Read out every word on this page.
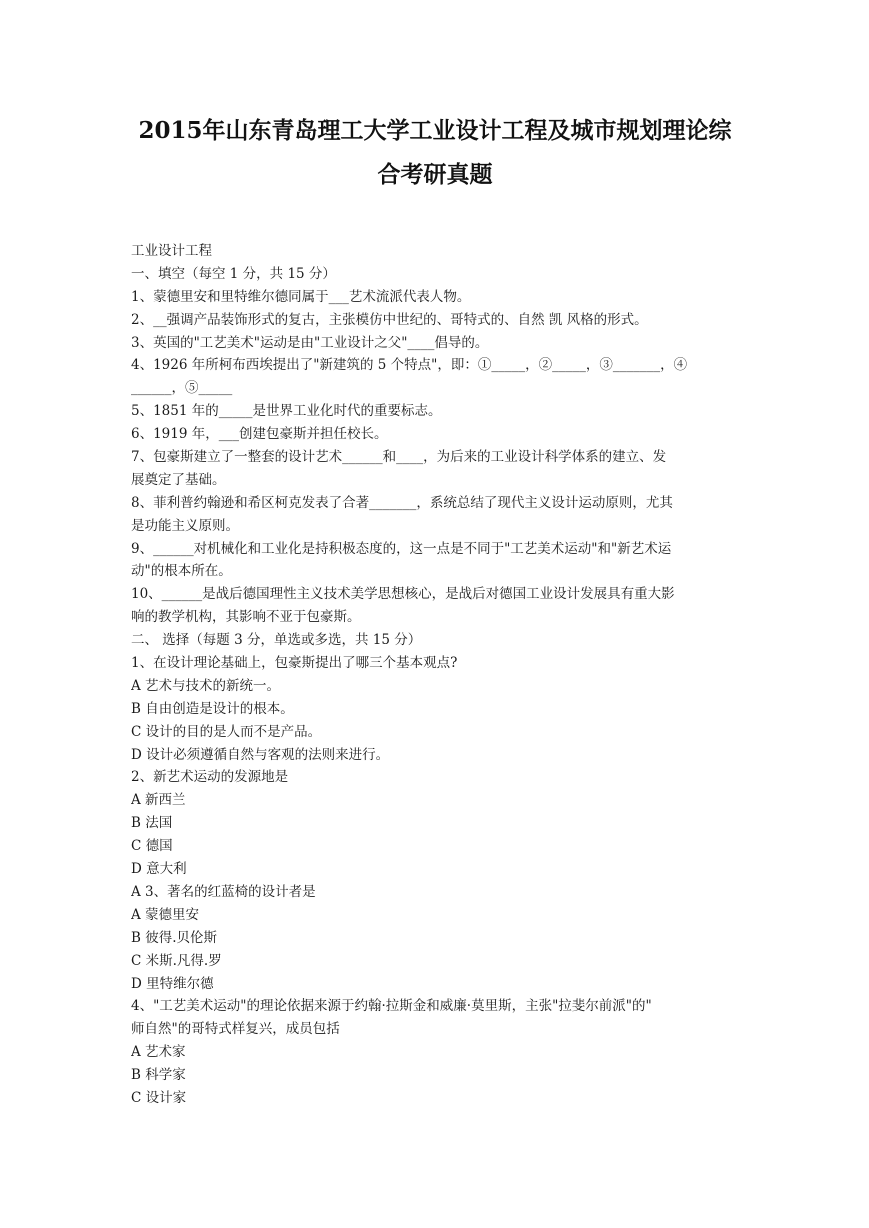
2015年山东青岛理工大学工业设计工程及城市规划理论综
合考研真题
工业设计工程
一、填空（每空 1 分，共 15 分）
1、蒙德里安和里特维尔德同属于___艺术流派代表人物。
2、__强调产品装饰形式的复古，主张模仿中世纪的、哥特式的、自然 凯 风格的形式。
3、英国的"工艺美术"运动是由"工业设计之父"____倡导的。
4、1926 年所柯布西埃提出了"新建筑的 5 个特点"，即：①_____，②_____，③_______，④
______，⑤_____
5、1851 年的_____是世界工业化时代的重要标志。
6、1919 年，___创建包豪斯并担任校长。
7、包豪斯建立了一整套的设计艺术______和____，为后来的工业设计科学体系的建立、发
展奠定了基础。
8、菲利普约翰逊和希区柯克发表了合著_______，系统总结了现代主义设计运动原则，尤其
是功能主义原则。
9、______对机械化和工业化是持积极态度的，这一点是不同于"工艺美术运动"和"新艺术运
动"的根本所在。
10、______是战后德国理性主义技术美学思想核心，是战后对德国工业设计发展具有重大影
响的教学机构，其影响不亚于包豪斯。
二、 选择（每题 3 分，单选或多选，共 15 分）
1、在设计理论基础上，包豪斯提出了哪三个基本观点?
A 艺术与技术的新统一。
B 自由创造是设计的根本。
C 设计的目的是人而不是产品。
D 设计必须遵循自然与客观的法则来进行。
2、新艺术运动的发源地是
A 新西兰
B 法国
C 德国
D 意大利
A 3、著名的红蓝椅的设计者是
A 蒙德里安
B 彼得.贝伦斯
C 米斯.凡得.罗
D 里特维尔德
4、"工艺美术运动"的理论依据来源于约翰·拉斯金和威廉·莫里斯，主张"拉斐尔前派"的"
师自然"的哥特式样复兴，成员包括
A 艺术家
B 科学家
C 设计家
